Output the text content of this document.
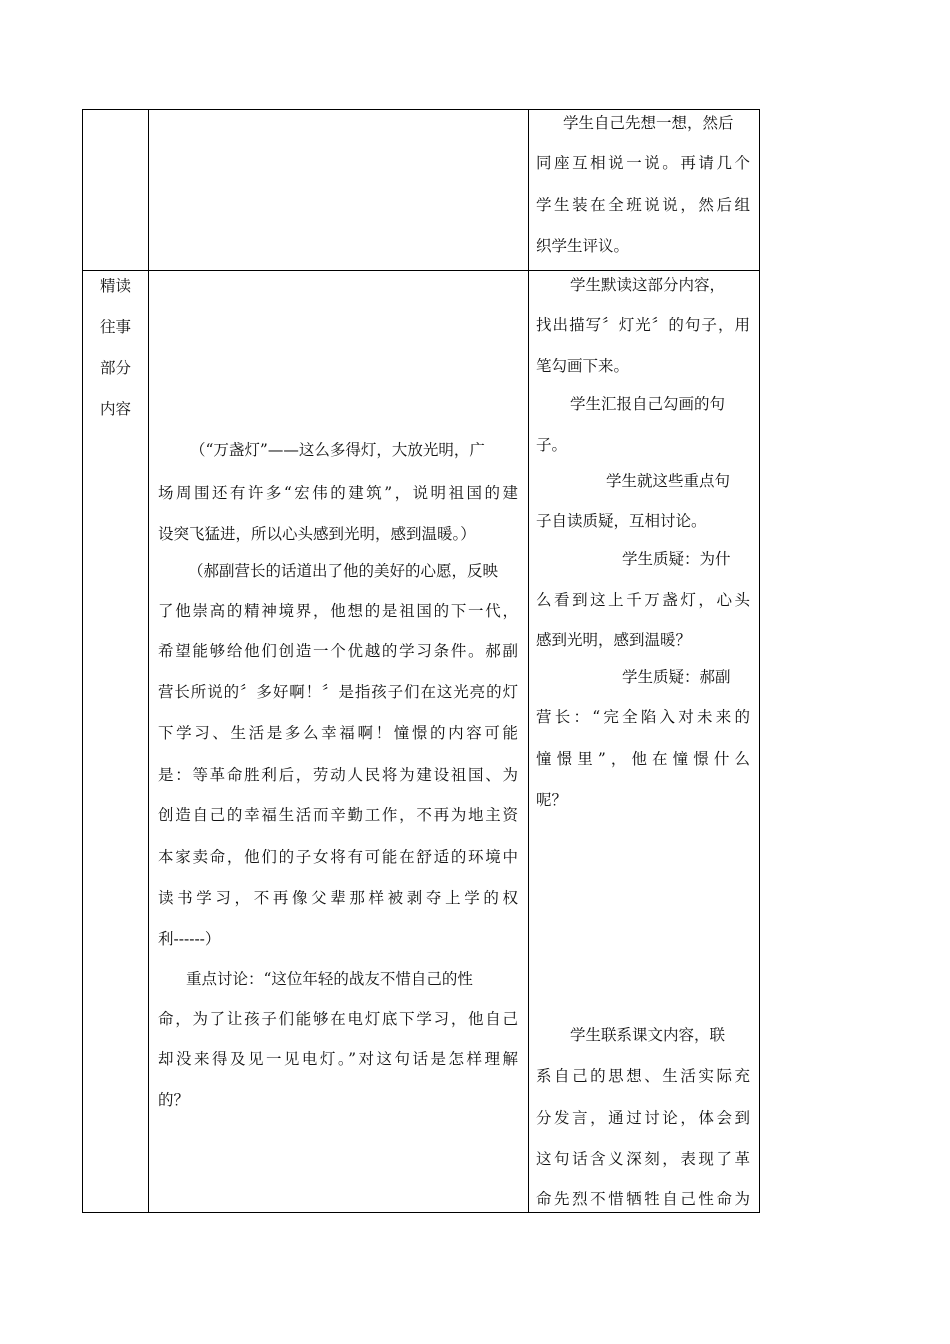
学生自己先想一想，然后
同座互相说一说。再请几个
学生装在全班说说，然后组
织学生评议。
精读
往事
部分
内容
（“万盏灯”——这么多得灯，大放光明，广
场周围还有许多“宏伟的建筑”，说明祖国的建
设突飞猛进，所以心头感到光明，感到温暖。）
（郝副营长的话道出了他的美好的心愿，反映
了他崇高的精神境界，他想的是祖国的下一代，
希望能够给他们创造一个优越的学习条件。郝副
营长所说的〞多好啊！〞是指孩子们在这光亮的灯
下学习、生活是多么幸福啊！憧憬的内容可能
是：等革命胜利后，劳动人民将为建设祖国、为
创造自己的幸福生活而辛勤工作，不再为地主资
本家卖命，他们的子女将有可能在舒适的环境中
读书学习，不再像父辈那样被剥夺上学的权
利------）
重点讨论：“这位年轻的战友不惜自己的性
命，为了让孩子们能够在电灯底下学习，他自己
却没来得及见一见电灯。”对这句话是怎样理解
的？
学生默读这部分内容，
找出描写〞灯光〞的句子，用
笔勾画下来。
学生汇报自己勾画的句
子。
学生就这些重点句
子自读质疑，互相讨论。
学生质疑：为什
么看到这上千万盏灯，心头
感到光明，感到温暖？
学生质疑：郝副
营长：“完全陷入对未来的
憧憬里”，他在憧憬什么
呢？
学生联系课文内容，联
系自己的思想、生活实际充
分发言，通过讨论，体会到
这句话含义深刻，表现了革
命先烈不惜牺牲自己性命为
